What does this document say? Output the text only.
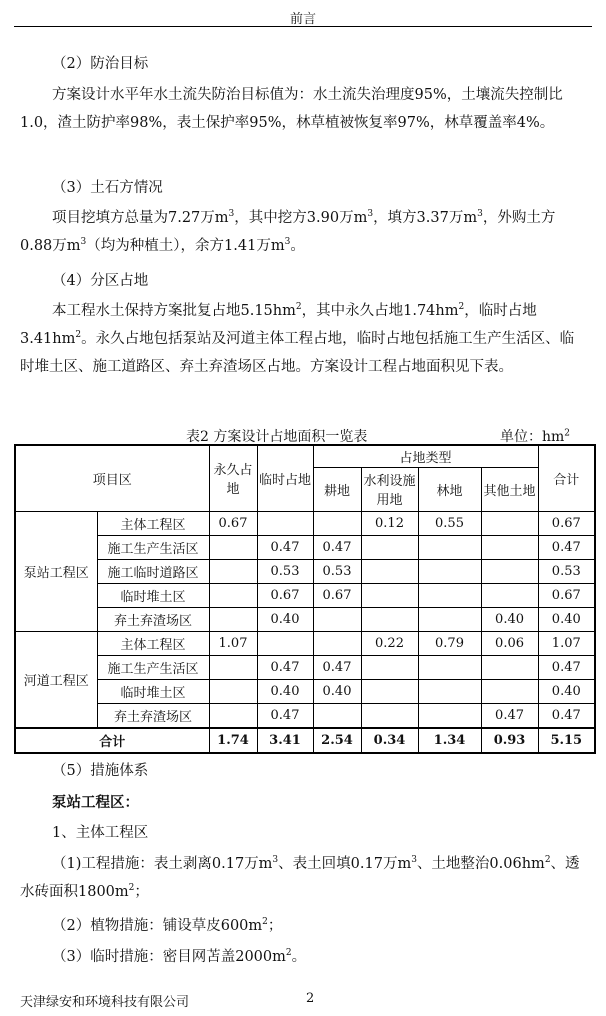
前言

（2）防治目标

方案设计水平年水土流失防治目标值为：水土流失治理度95%，土壤流失控制比1.0，渣土防护率98%，表土保护率95%，林草植被恢复率97%，林草覆盖率4%。

（3）土石方情况

项目挖填方总量为7.27万$m^3$，其中挖方3.90万$m^3$，填方3.37万$m^3$，外购土方0.88万$m^3$（均为种植土），余方1.41万$m^3$。

（4）分区占地

本工程水土保持方案批复占地$5.15hm^2$，其中永久占地$1.74hm^2$，临时占地$3.41hm^2$。永久占地包括泵站及河道主体工程占地，临时占地包括施工生产生活区、临时堆土区、施工道路区、弃土弃渣场区占地。方案设计工程占地面积见下表。

表2 方案设计占地面积一览表	单位：$hm^2$
项目区		永久占地	临时占地	占地类型				合计
				耕地	水利设施用地	林地	其他土地	
泵站工程区	主体工程区	0.67			0.12	0.55		0.67
	施工生产生活区		0.47	0.47				0.47
	施工临时道路区		0.53	0.53				0.53
	临时堆土区		0.67	0.67				0.67
	弃土弃渣场区		0.40				0.40	0.40
河道工程区	主体工程区	1.07			0.22	0.79	0.06	1.07
	施工生产生活区		0.47	0.47				0.47
	临时堆土区		0.40	0.40				0.40
	弃土弃渣场区		0.47				0.47	0.47
合计		1.74	3.41	2.54	0.34	1.34	0.93	5.15

（5）措施体系

泵站工程区：

1、主体工程区

（1)工程措施：表土剥离0.17万$m^3$、表土回填0.17万$m^3$、土地整治$0.06hm^2$、透水砖面积$1800m^2$；

（2）植物措施：铺设草皮$600m^2$；

（3）临时措施：密目网苫盖$2000m^2$。

天津绿安和环境科技有限公司	2
